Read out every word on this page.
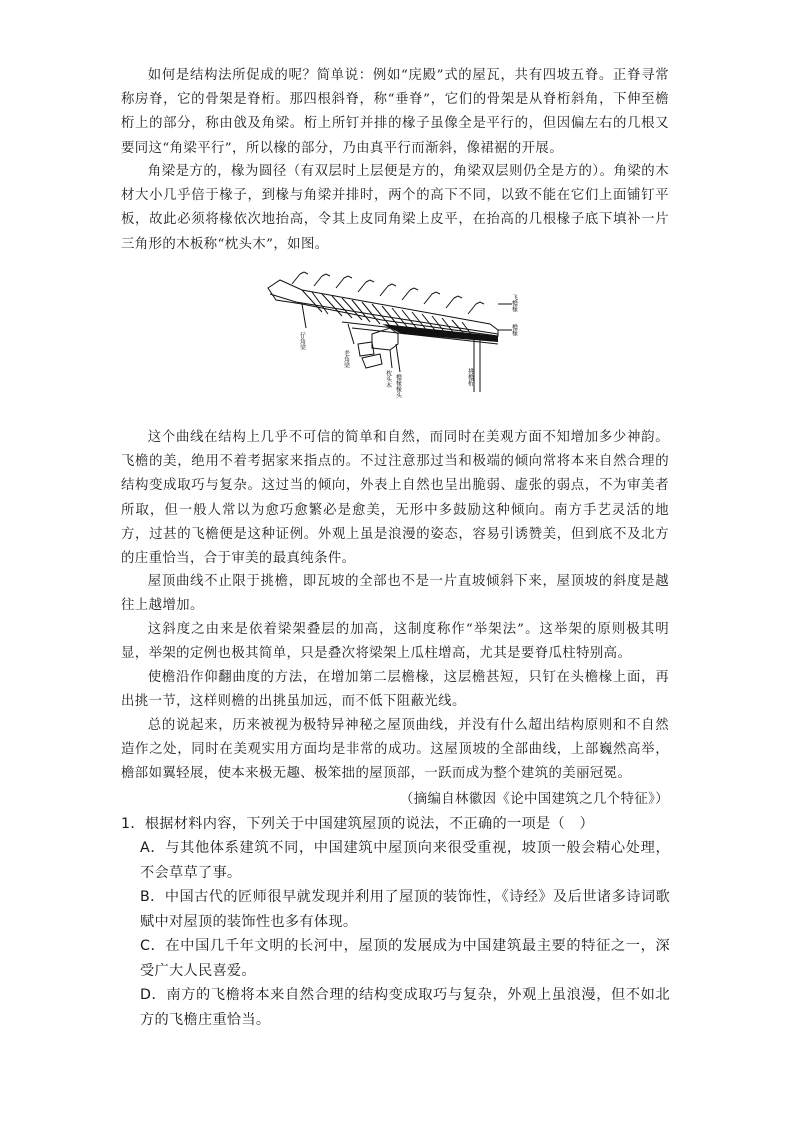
如何是结构法所促成的呢？简单说：例如“庑殿”式的屋瓦，共有四坡五脊。正脊寻常称房脊，它的骨架是脊桁。那四根斜脊，称“垂脊”，它们的骨架是从脊桁斜角，下伸至檐桁上的部分，称由戗及角梁。桁上所钉并排的椽子虽像全是平行的，但因偏左右的几根又要同这“角梁平行”，所以椽的部分，乃由真平行而渐斜，像裙裾的开展。

角梁是方的，椽为圆径（有双层时上层便是方的，角梁双层则仍全是方的）。角梁的木材大小几乎倍于椽子，到椽与角梁并排时，两个的高下不同，以致不能在它们上面铺钉平板，故此必须将椽依次地抬高，令其上皮同角梁上皮平，在抬高的几根椽子底下填补一片三角形的木板称“枕头木”，如图。

飞檐椽
檐椽
仔角梁
老角梁
枕头木 檐椽椽头	挑檐桁

这个曲线在结构上几乎不可信的简单和自然，而同时在美观方面不知增加多少神韵。飞檐的美，绝用不着考据家来指点的。不过注意那过当和极端的倾向常将本来自然合理的结构变成取巧与复杂。这过当的倾向，外表上自然也呈出脆弱、虚张的弱点，不为审美者所取，但一般人常以为愈巧愈繁必是愈美，无形中多鼓励这种倾向。南方手艺灵活的地方，过甚的飞檐便是这种证例。外观上虽是浪漫的姿态，容易引诱赞美，但到底不及北方的庄重恰当，合于审美的最真纯条件。

屋顶曲线不止限于挑檐，即瓦坡的全部也不是一片直坡倾斜下来，屋顶坡的斜度是越往上越增加。

这斜度之由来是依着梁架叠层的加高，这制度称作“举架法”。这举架的原则极其明显，举架的定例也极其简单，只是叠次将梁架上瓜柱增高，尤其是要脊瓜柱特别高。

使檐沿作仰翻曲度的方法，在增加第二层檐椽，这层檐甚短，只钉在头檐椽上面，再出挑一节，这样则檐的出挑虽加远，而不低下阻蔽光线。

总的说起来，历来被视为极特异神秘之屋顶曲线，并没有什么超出结构原则和不自然造作之处，同时在美观实用方面均是非常的成功。这屋顶坡的全部曲线，上部巍然高举，檐部如翼轻展，使本来极无趣、极笨拙的屋顶部，一跃而成为整个建筑的美丽冠冕。

（摘编自林徽因《论中国建筑之几个特征》）

1．根据材料内容，下列关于中国建筑屋顶的说法，不正确的一项是（　）

A．与其他体系建筑不同，中国建筑中屋顶向来很受重视，坡顶一般会精心处理，不会草草了事。

B．中国古代的匠师很早就发现并利用了屋顶的装饰性，《诗经》及后世诸多诗词歌赋中对屋顶的装饰性也多有体现。

C．在中国几千年文明的长河中，屋顶的发展成为中国建筑最主要的特征之一，深受广大人民喜爱。

D．南方的飞檐将本来自然合理的结构变成取巧与复杂，外观上虽浪漫，但不如北方的飞檐庄重恰当。
